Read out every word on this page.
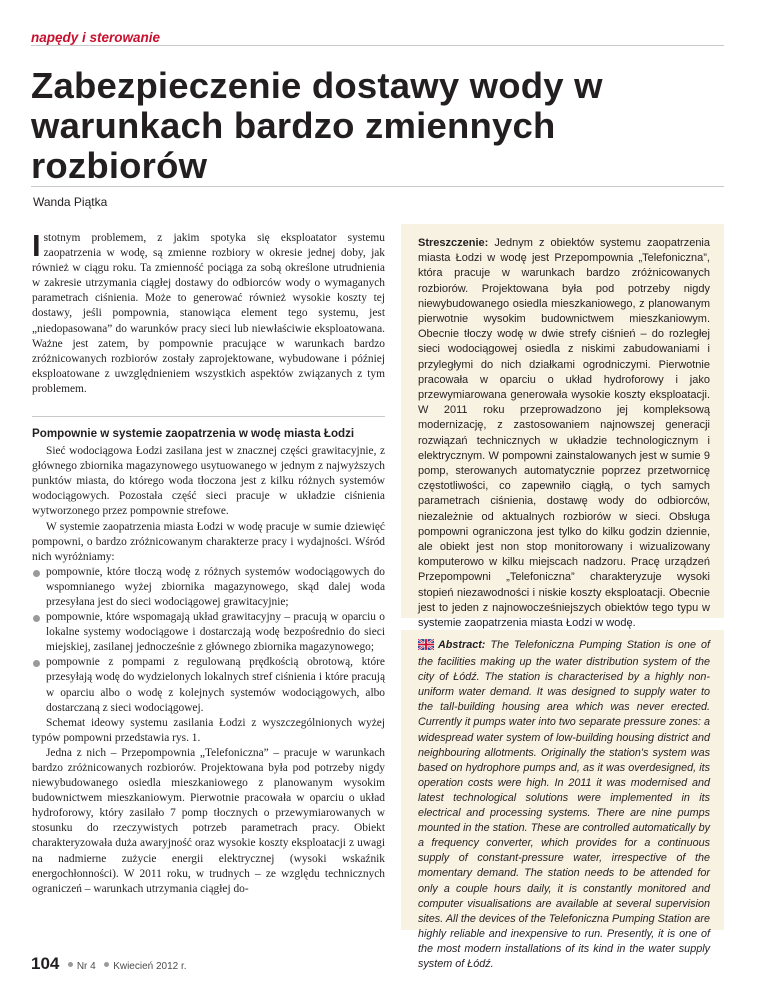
napędy i sterowanie
Zabezpieczenie dostawy wody w warunkach bardzo zmiennych rozbiorów
Wanda Piątka

Istotnym problemem, z jakim spotyka się eksploatator systemu zaopatrzenia w wodę, są zmienne rozbiory w okresie jednej doby, jak również w ciągu roku. Ta zmienność pociąga za sobą określone utrudnienia w zakresie utrzymania ciągłej dostawy do odbiorców wody o wymaganych parametrach ciśnienia. Może to generować również wysokie koszty tej dostawy, jeśli pompownia, stanowiąca element tego systemu, jest „niedopasowana” do warunków pracy sieci lub niewłaściwie eksploatowana. Ważne jest zatem, by pompownie pracujące w warunkach bardzo zróżnicowanych rozbiorów zostały zaprojektowane, wybudowane i później eksploatowane z uwzględnieniem wszystkich aspektów związanych z tym problemem.

Pompownie w systemie zaopatrzenia w wodę miasta Łodzi

Sieć wodociągowa Łodzi zasilana jest w znacznej części grawitacyjnie, z głównego zbiornika magazynowego usytuowanego w jednym z najwyższych punktów miasta, do którego woda tłoczona jest z kilku różnych systemów wodociągowych. Pozostała część sieci pracuje w układzie ciśnienia wytworzonego przez pompownie strefowe.

W systemie zaopatrzenia miasta Łodzi w wodę pracuje w sumie dziewięć pompowni, o bardzo zróżnicowanym charakterze pracy i wydajności. Wśród nich wyróżniamy:

pompownie, które tłoczą wodę z różnych systemów wodociągowych do wspomnianego wyżej zbiornika magazynowego, skąd dalej woda przesyłana jest do sieci wodociągowej grawitacyjnie;
pompownie, które wspomagają układ grawitacyjny – pracują w oparciu o lokalne systemy wodociągowe i dostarczają wodę bezpośrednio do sieci miejskiej, zasilanej jednocześnie z głównego zbiornika magazynowego;
pompownie z pompami z regulowaną prędkością obrotową, które przesyłają wodę do wydzielonych lokalnych stref ciśnienia i które pracują w oparciu albo o wodę z kolejnych systemów wodociągowych, albo dostarczaną z sieci wodociągowej.

Schemat ideowy systemu zasilania Łodzi z wyszczególnionych wyżej typów pompowni przedstawia rys. 1.

Jedna z nich – Przepompownia „Telefoniczna” – pracuje w warunkach bardzo zróżnicowanych rozbiorów. Projektowana była pod potrzeby nigdy niewybudowanego osiedla mieszkaniowego z planowanym wysokim budownictwem mieszkaniowym. Pierwotnie pracowała w oparciu o układ hydroforowy, który zasilało 7 pomp tłocznych o przewymiarowanych w stosunku do rzeczywistych potrzeb parametrach pracy. Obiekt charakteryzowała duża awaryjność oraz wysokie koszty eksploatacji z uwagi na nadmierne zużycie energii elektrycznej (wysoki wskaźnik energochłonności). W 2011 roku, w trudnych – ze względu technicznych ograniczeń – warunkach utrzymania ciągłej do-

Streszczenie: Jednym z obiektów systemu zaopatrzenia miasta Łodzi w wodę jest Przepompownia „Telefoniczna”, która pracuje w warunkach bardzo zróżnicowanych rozbiorów. Projektowana była pod potrzeby nigdy niewybudowanego osiedla mieszkaniowego, z planowanym pierwotnie wysokim budownictwem mieszkaniowym. Obecnie tłoczy wodę w dwie strefy ciśnień – do rozległej sieci wodociągowej osiedla z niskimi zabudowaniami i przyległymi do nich działkami ogrodniczymi. Pierwotnie pracowała w oparciu o układ hydroforowy i jako przewymiarowana generowała wysokie koszty eksploatacji. W 2011 roku przeprowadzono jej kompleksową modernizację, z zastosowaniem najnowszej generacji rozwiązań technicznych w układzie technologicznym i elektrycznym. W pompowni zainstalowanych jest w sumie 9 pomp, sterowanych automatycznie poprzez przetwornicę częstotliwości, co zapewniło ciągłą, o tych samych parametrach ciśnienia, dostawę wody do odbiorców, niezależnie od aktualnych rozbiorów w sieci. Obsługa pompowni ograniczona jest tylko do kilku godzin dziennie, ale obiekt jest non stop monitorowany i wizualizowany komputerowo w kilku miejscach nadzoru. Pracę urządzeń Przepompowni „Telefoniczna” charakteryzuje wysoki stopień niezawodności i niskie koszty eksploatacji. Obecnie jest to jeden z najnowocześniejszych obiektów tego typu w systemie zaopatrzenia miasta Łodzi w wodę.
Abstract: The Telefoniczna Pumping Station is one of the facilities making up the water distribution system of the city of Łódź. The station is characterised by a highly non-uniform water demand. It was designed to supply water to the tall-building housing area which was never erected. Currently it pumps water into two separate pressure zones: a widespread water system of low-building housing district and neighbouring allotments. Originally the station's system was based on hydrophore pumps and, as it was overdesigned, its operation costs were high. In 2011 it was modernised and latest technological solutions were implemented in its electrical and processing systems. There are nine pumps mounted in the station. These are controlled automatically by a frequency converter, which provides for a continuous supply of constant-pressure water, irrespective of the momentary demand. The station needs to be attended for only a couple hours daily, it is constantly monitored and computer visualisations are available at several supervision sites. All the devices of the Telefoniczna Pumping Station are highly reliable and inexpensive to run. Presently, it is one of the most modern installations of its kind in the water supply system of Łódź.
104 Nr 4 Kwiecień 2012 r.
